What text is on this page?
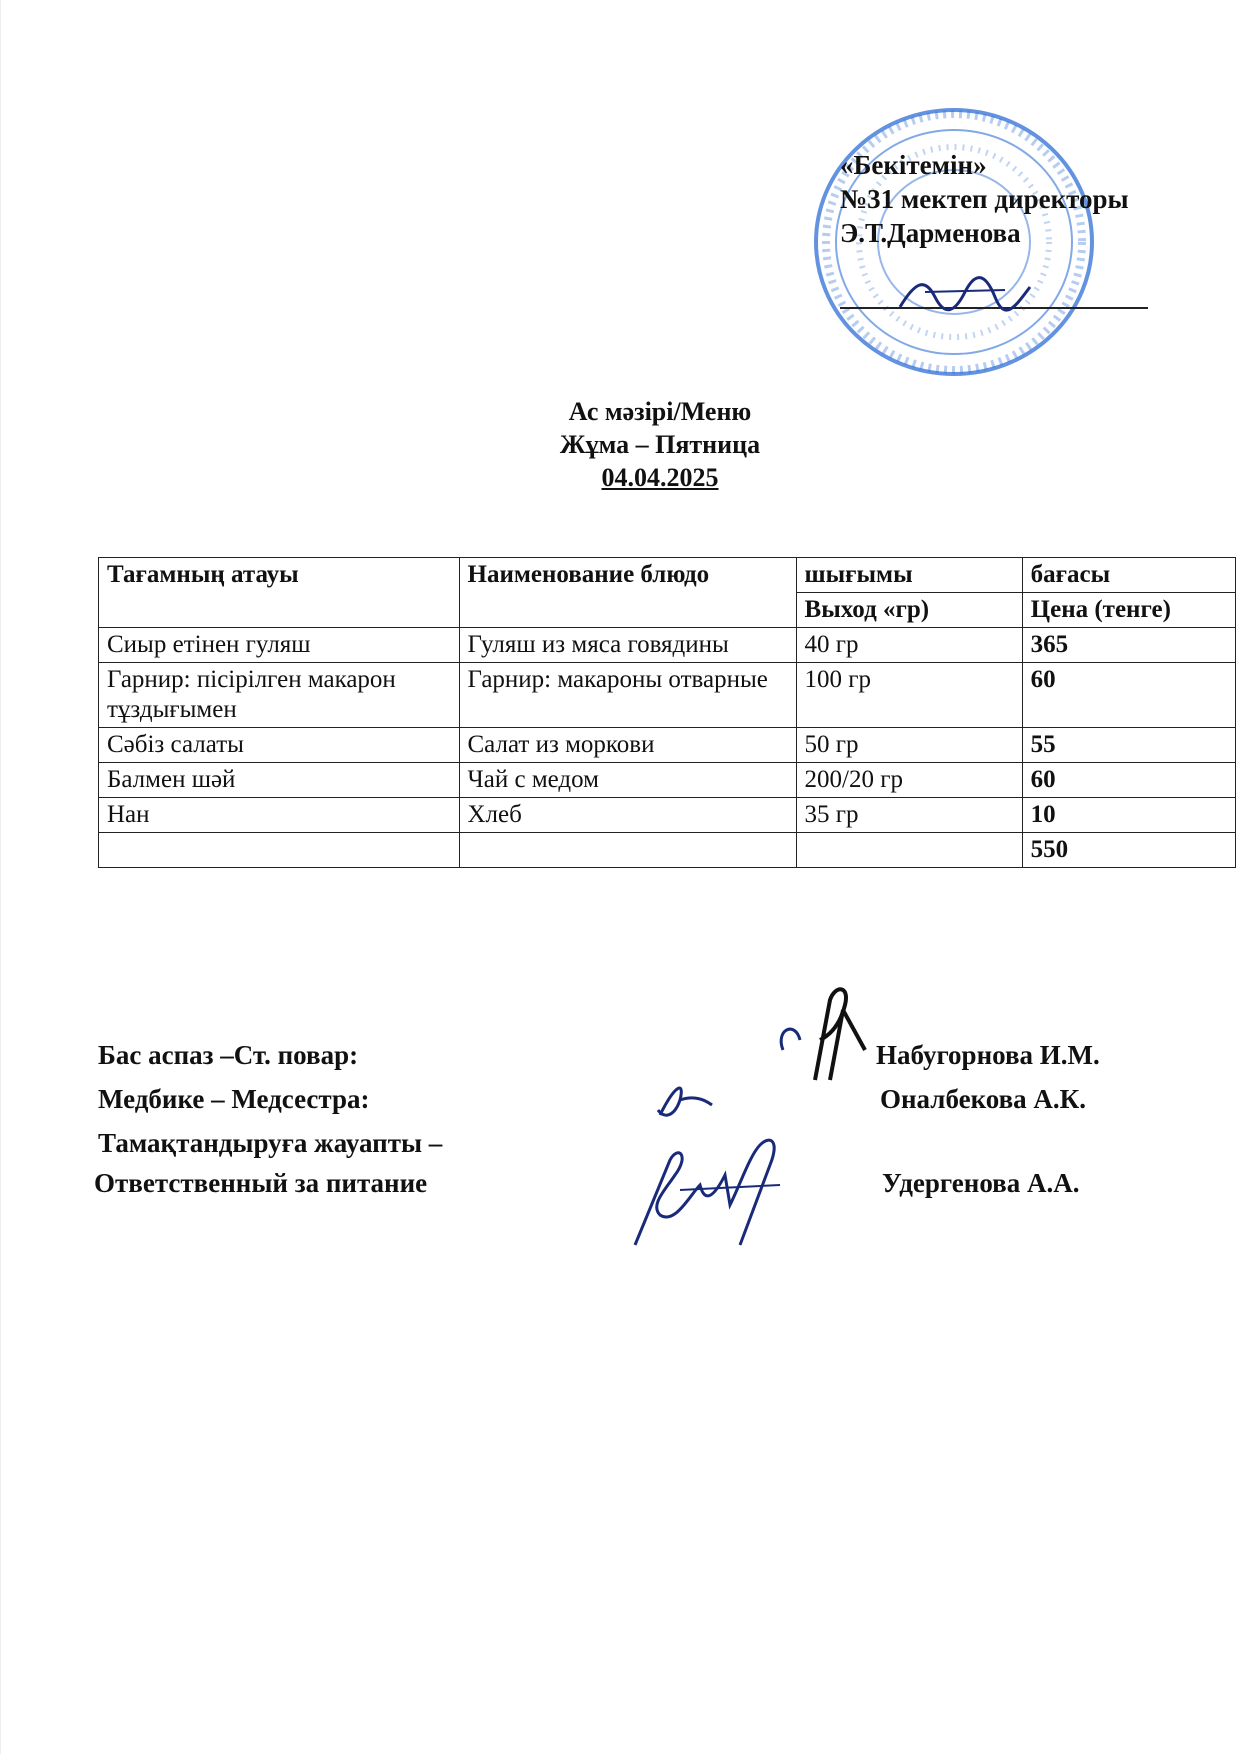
«Бекітемін»
№31 мектеп директоры
Э.Т.Дарменова
Ас мәзірі/Меню
Жұма – Пятница
04.04.2025
Тағамның атауы	Наименование блюдо	шығымы	бағасы
		Выход «гр)	Цена (тенге)
Сиыр етінен гуляш	Гуляш из мяса говядины	40 гр	365
Гарнир: пісірілген макарон тұздығымен	Гарнир: макароны отварные	100 гр	60
Сәбіз салаты	Салат из моркови	50 гр	55
Балмен шәй	Чай с медом	200/20 гр	60
Нан	Хлеб	35 гр	10
			550
Бас аспаз –Ст. повар:	Набугорнова И.М.
Медбике – Медсестра:	Оналбекова А.К.
Тамақтандыруға жауапты –
Ответственный за питание	Удергенова А.А.
